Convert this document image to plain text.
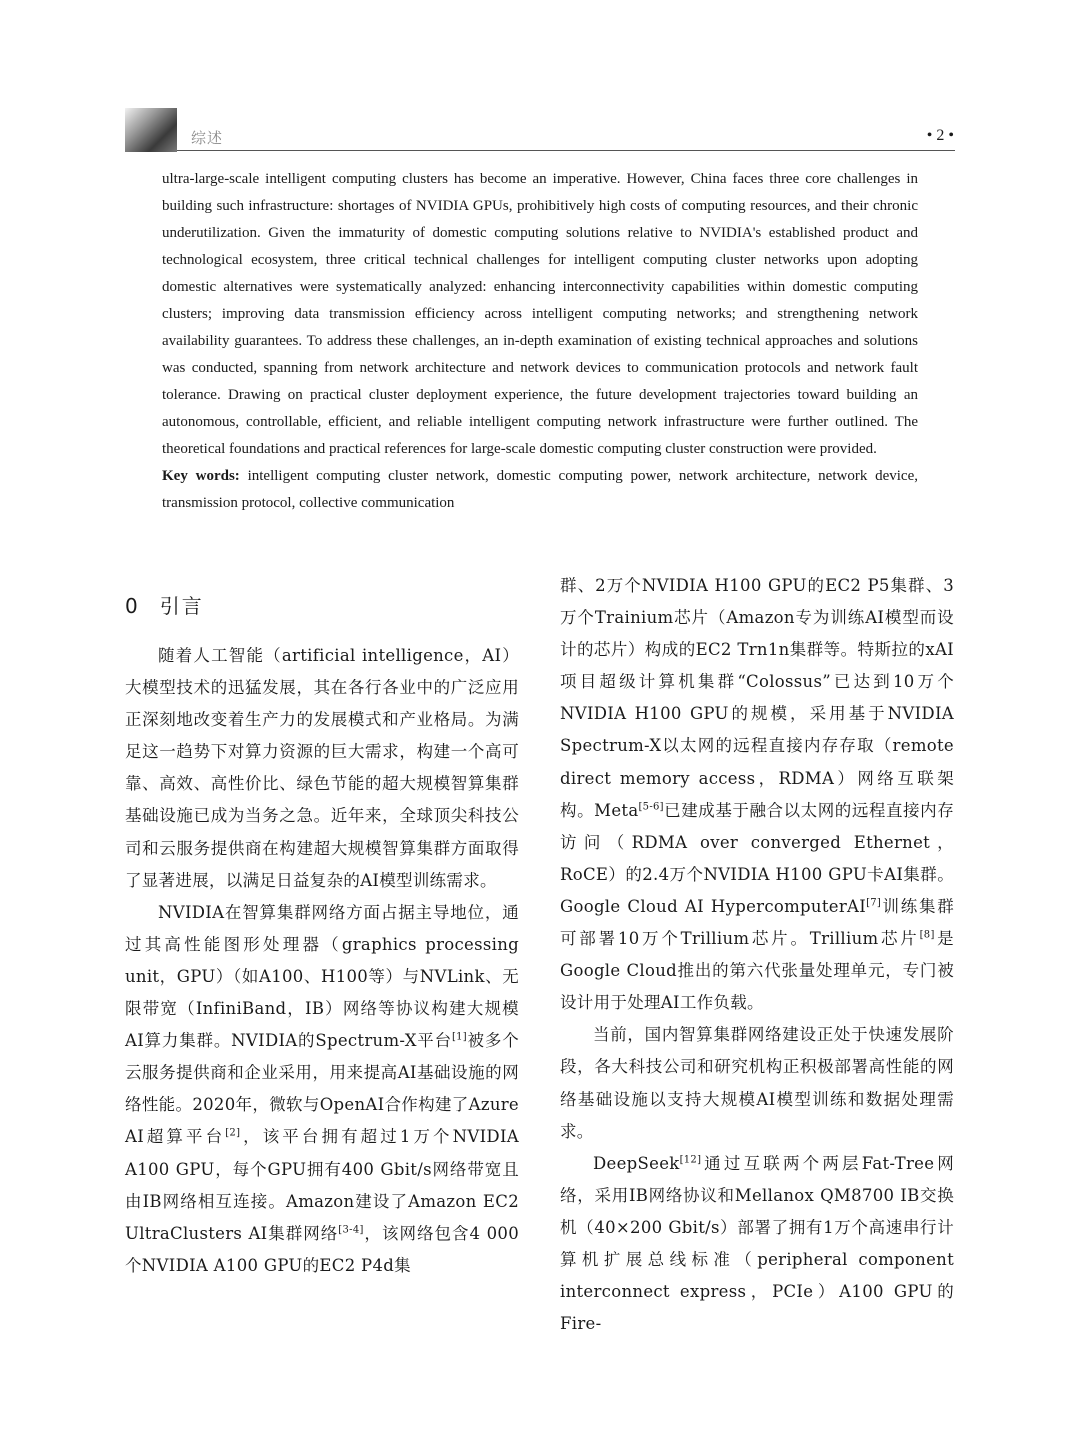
综述	• 2 •

ultra-large-scale intelligent computing clusters has become an imperative. However, China faces three core challenges in building such infrastructure: shortages of NVIDIA GPUs, prohibitively high costs of computing resources, and their chronic underutilization. Given the immaturity of domestic computing solutions relative to NVIDIA's established product and technological ecosystem, three critical technical challenges for intelligent computing cluster networks upon adopting domestic alternatives were systematically analyzed: enhancing interconnectivity capabilities within domestic computing clusters; improving data transmission efficiency across intelligent computing networks; and strengthening network availability guarantees. To address these challenges, an in-depth examination of existing technical approaches and solutions was conducted, spanning from network architecture and network devices to communication protocols and network fault tolerance. Drawing on practical cluster deployment experience, the future development trajectories toward building an autonomous, controllable, efficient, and reliable intelligent computing network infrastructure were further outlined. The theoretical foundations and practical references for large-scale domestic computing cluster construction were provided.

Key words: intelligent computing cluster network, domestic computing power, network architecture, network device, transmission protocol, collective communication

0 引言

随着人工智能（artificial intelligence，AI）大模型技术的迅猛发展，其在各行各业中的广泛应用正深刻地改变着生产力的发展模式和产业格局。为满足这一趋势下对算力资源的巨大需求，构建一个高可靠、高效、高性价比、绿色节能的超大规模智算集群基础设施已成为当务之急。近年来，全球顶尖科技公司和云服务提供商在构建超大规模智算集群方面取得了显著进展，以满足日益复杂的AI模型训练需求。

NVIDIA在智算集群网络方面占据主导地位，通过其高性能图形处理器（graphics processing unit，GPU）（如A100、H100等）与NVLink、无限带宽（InfiniBand，IB）网络等协议构建大规模AI算力集群。NVIDIA的Spectrum-X平台[1]被多个云服务提供商和企业采用，用来提高AI基础设施的网络性能。2020年，微软与OpenAI合作构建了Azure AI超算平台[2]，该平台拥有超过1万个NVIDIA A100 GPU，每个GPU拥有400 Gbit/s网络带宽且由IB网络相互连接。Amazon建设了Amazon EC2 UltraClusters AI集群网络[3-4]，该网络包含4 000个NVIDIA A100 GPU的EC2 P4d集

群、2万个NVIDIA H100 GPU的EC2 P5集群、3万个Trainium芯片（Amazon专为训练AI模型而设计的芯片）构成的EC2 Trn1n集群等。特斯拉的xAI项目超级计算机集群“Colossus”已达到10万个NVIDIA H100 GPU的规模，采用基于NVIDIA Spectrum-X以太网的远程直接内存存取（remote direct memory access，RDMA）网络互联架构。Meta[5-6]已建成基于融合以太网的远程直接内存访问（RDMA over converged Ethernet，RoCE）的2.4万个NVIDIA H100 GPU卡AI集群。Google Cloud AI HypercomputerAI[7]训练集群可部署10万个Trillium芯片。Trillium芯片[8]是Google Cloud推出的第六代张量处理单元，专门被设计用于处理AI工作负载。

当前，国内智算集群网络建设正处于快速发展阶段，各大科技公司和研究机构正积极部署高性能的网络基础设施以支持大规模AI模型训练和数据处理需求。

DeepSeek[12]通过互联两个两层Fat-Tree网络，采用IB网络协议和Mellanox QM8700 IB交换机（40×200 Gbit/s）部署了拥有1万个高速串行计算机扩展总线标准（peripheral component interconnect express，PCIe）A100 GPU的Fire-
